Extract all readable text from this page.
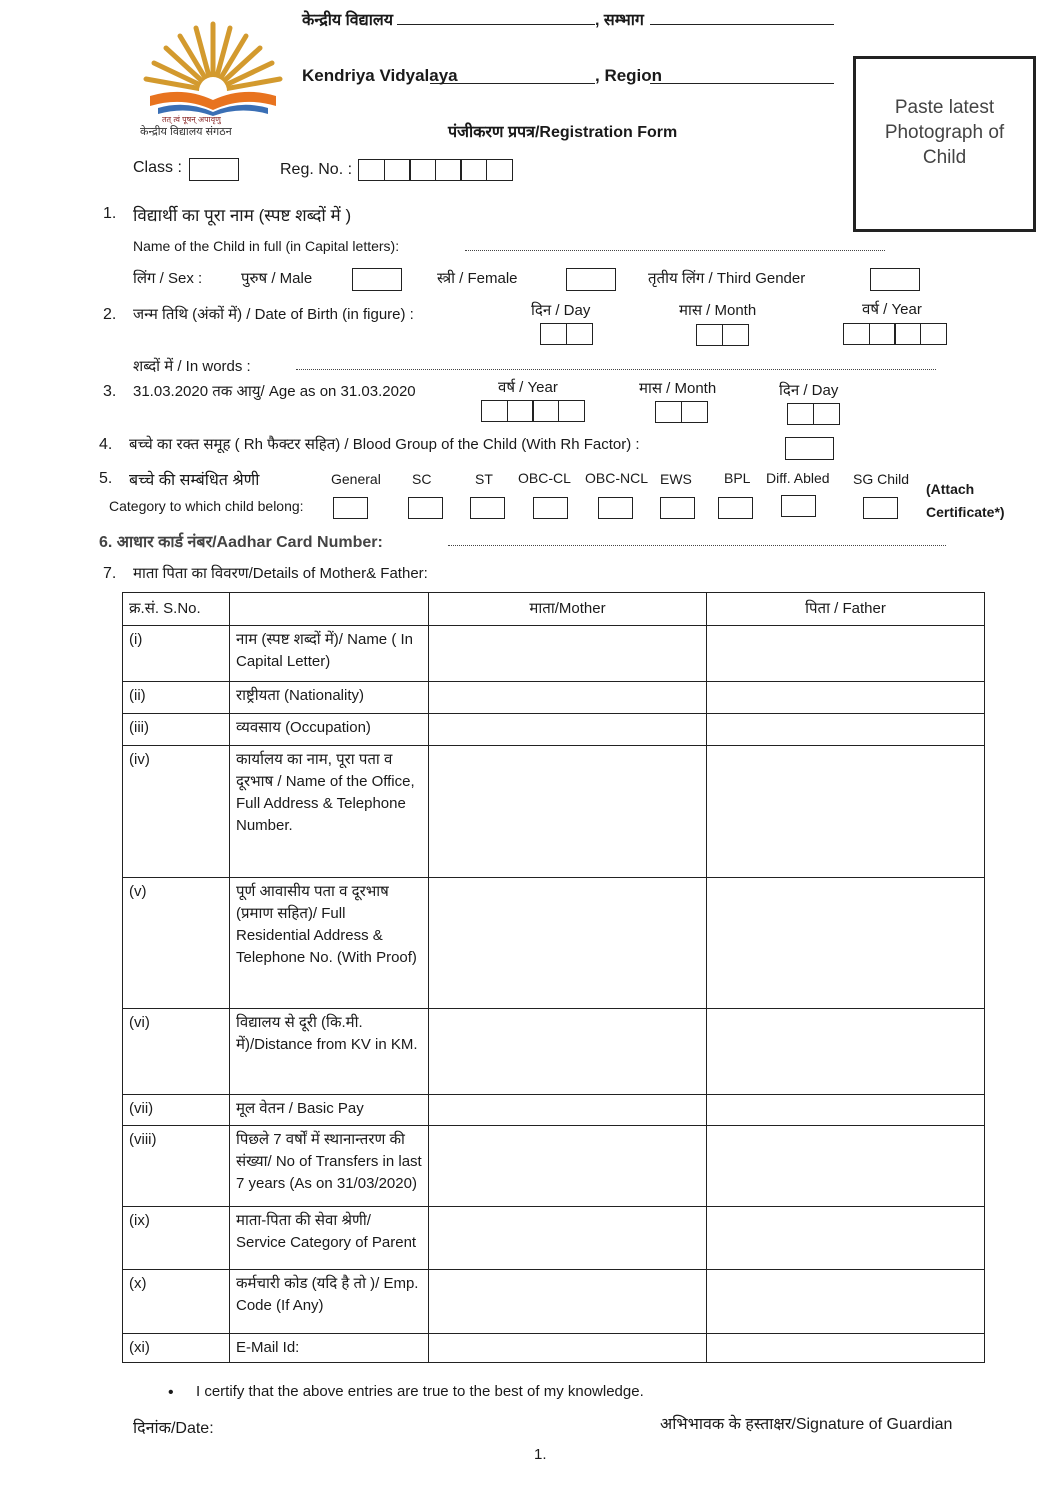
तत् त्वं पूषन् अपावृणु
केन्द्रीय विद्यालय संगठन
केन्द्रीय विद्यालय	, सम्भाग
Kendriya Vidyalaya	, Region
पंजीकरण प्रपत्र/Registration Form
Paste latest
Photograph of
Child
Class :	Reg. No. :
1. विद्यार्थी का पूरा नाम (स्पष्ट शब्दों में )
Name of the Child in full (in Capital letters):
लिंग / Sex :	पुरुष / Male	स्त्री / Female	तृतीय लिंग / Third Gender
2. जन्म तिथि (अंकों में) / Date of Birth (in figure) :	दिन / Day	मास / Month	वर्ष / Year
शब्दों में / In words :
3. 31.03.2020 तक आयु/ Age as on 31.03.2020	वर्ष / Year	मास / Month	दिन / Day
4. बच्चे का रक्त समूह ( Rh फैक्टर सहित) / Blood Group of the Child (With Rh Factor) :
5. बच्चे की सम्बंधित श्रेणी
Category to which child belong:
General SC	ST OBC-CL OBC-NCL EWS BPL Diff. Abled SG Child
(Attach
Certificate*)
6. आधार कार्ड नंबर/Aadhar Card Number:
7. माता पिता का विवरण/Details of Mother& Father:
क्र.सं. S.No.		माता/Mother	पिता / Father
(i)	नाम (स्पष्ट शब्दों में)/ Name ( In Capital Letter)		
(ii)	राष्ट्रीयता (Nationality)		
(iii)	व्यवसाय (Occupation)		
(iv)	कार्यालय का नाम, पूरा पता व दूरभाष / Name of the Office, Full Address & Telephone Number.		
(v)	पूर्ण आवासीय पता व दूरभाष (प्रमाण सहित)/ Full Residential Address & Telephone No. (With Proof)		
(vi)	विद्यालय से दूरी (कि.मी. में)/Distance from KV in KM.		
(vii)	मूल वेतन / Basic Pay		
(viii)	पिछले 7 वर्षों में स्थानान्तरण की संख्या/ No of Transfers in last 7 years (As on 31/03/2020)		
(ix)	माता-पिता की सेवा श्रेणी/ Service Category of Parent		
(x)	कर्मचारी कोड (यदि है तो )/ Emp. Code (If Any)		
(xi)	E-Mail Id:		
• I certify that the above entries are true to the best of my knowledge.
दिनांक/Date:	अभिभावक के हस्ताक्षर/Signature of Guardian
1.
